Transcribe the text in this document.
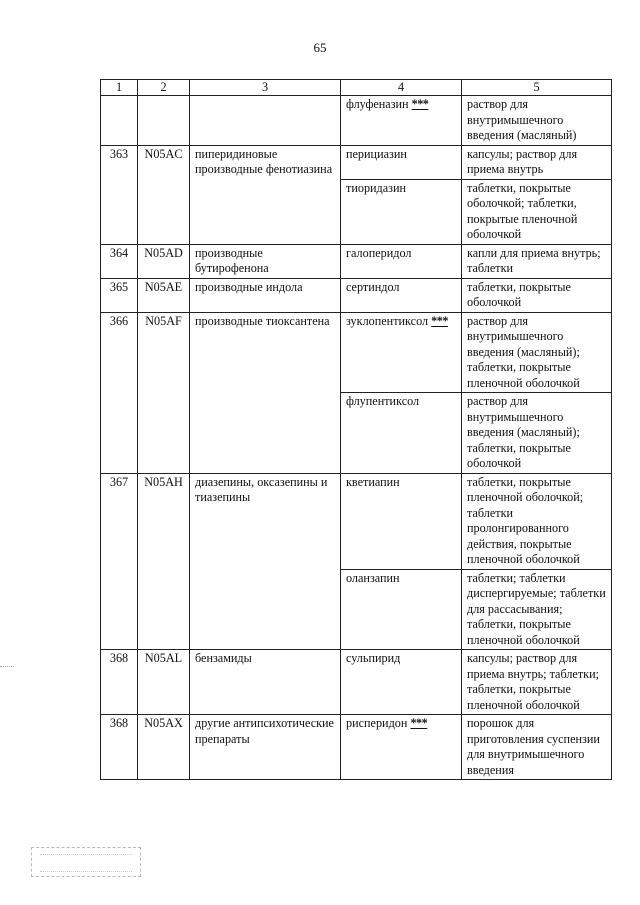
65
1	2	3	4	5
			флуфеназин ***	раствор для внутримышечного введения (масляный)
363	N05AC	пиперидиновые производные фенотиазина	перициазин	капсулы; раствор для приема внутрь
			тиоридазин	таблетки, покрытые оболочкой; таблетки, покрытые пленочной оболочкой
364	N05AD	производные бутирофенона	галоперидол	капли для приема внутрь; таблетки
365	N05AE	производные индола	сертиндол	таблетки, покрытые оболочкой
366	N05AF	производные тиоксантена	зуклопентиксол ***	раствор для внутримышечного введения (масляный); таблетки, покрытые пленочной оболочкой
			флупентиксол	раствор для внутримышечного введения (масляный); таблетки, покрытые оболочкой
367	N05AH	диазепины, оксазепины и тиазепины	кветиапин	таблетки, покрытые пленочной оболочкой; таблетки пролонгированного действия, покрытые пленочной оболочкой
			оланзапин	таблетки; таблетки диспергируемые; таблетки для рассасывания; таблетки, покрытые пленочной оболочкой
368	N05AL	бензамиды	сульпирид	капсулы; раствор для приема внутрь; таблетки; таблетки, покрытые пленочной оболочкой
368	N05AX	другие антипсихотические препараты	рисперидон ***	порошок для приготовления суспензии для внутримышечного введения
